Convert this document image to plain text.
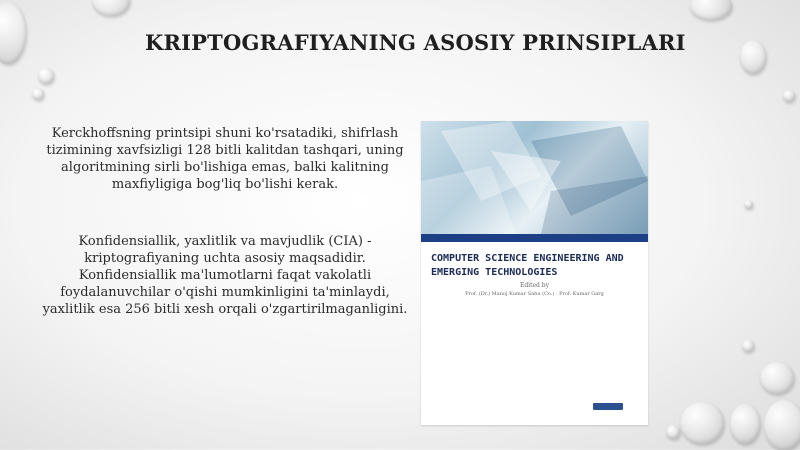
KRIPTOGRAFIYANING ASOSIY PRINSIPLARI

Kerckhoffsning printsipi shuni ko'rsatadiki, shifrlash tizimining xavfsizligi 128 bitli kalitdan tashqari, uning algoritmining sirli bo'lishiga emas, balki kalitning maxfiyligiga bog'liq bo'lishi kerak.

Konfidensiallik, yaxlitlik va mavjudlik (CIA) - kriptografiyaning uchta asosiy maqsadidir. Konfidensiallik ma'lumotlarni faqat vakolatli foydalanuvchilar o'qishi mumkinligini ta'minlaydi, yaxlitlik esa 256 bitli xesh orqali o'zgartirilmaganligini.

COMPUTER SCIENCE ENGINEERING AND EMERGING TECHNOLOGIES

Edited by
Prof. (Dr.) Manoj Kumar Sahu (Co.) · Prof. Kumar Garg
